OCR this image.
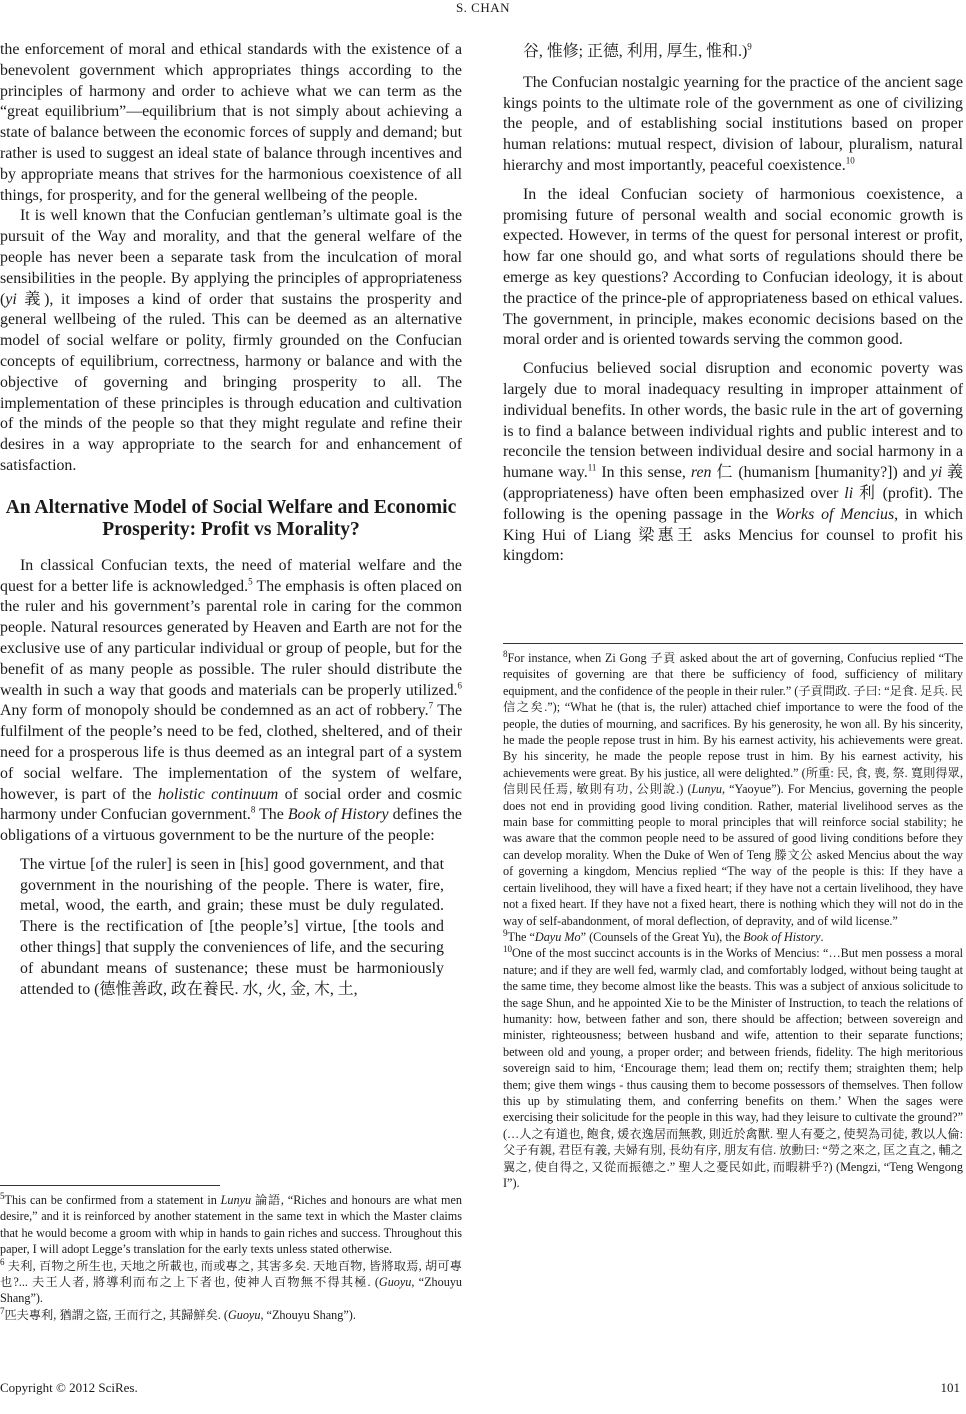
S. CHAN

the enforcement of moral and ethical standards with the existence of a benevolent government which appropriates things according to the principles of harmony and order to achieve what we can term as the “great equilibrium”—equilibrium that is not simply about achieving a state of balance between the economic forces of supply and demand; but rather is used to suggest an ideal state of balance through incentives and by appropriate means that strives for the harmonious coexistence of all things, for prosperity, and for the general wellbeing of the people.

It is well known that the Confucian gentleman’s ultimate goal is the pursuit of the Way and morality, and that the general welfare of the people has never been a separate task from the inculcation of moral sensibilities in the people. By applying the principles of appropriateness (yi 義), it imposes a kind of order that sustains the prosperity and general wellbeing of the ruled. This can be deemed as an alternative model of social welfare or polity, firmly grounded on the Confucian concepts of equilibrium, correctness, harmony or balance and with the objective of governing and bringing prosperity to all. The implementation of these principles is through education and cultivation of the minds of the people so that they might regulate and refine their desires in a way appropriate to the search for and enhancement of satisfaction.

An Alternative Model of Social Welfare and Economic Prosperity: Profit vs Morality?

In classical Confucian texts, the need of material welfare and the quest for a better life is acknowledged.$^5$ The emphasis is often placed on the ruler and his government’s parental role in caring for the common people. Natural resources generated by Heaven and Earth are not for the exclusive use of any particular individual or group of people, but for the benefit of as many people as possible. The ruler should distribute the wealth in such a way that goods and materials can be properly utilized.$^6$ Any form of monopoly should be condemned as an act of robbery.$^7$ The fulfilment of the people’s need to be fed, clothed, sheltered, and of their need for a prosperous life is thus deemed as an integral part of a system of social welfare. The implementation of the system of welfare, however, is part of the holistic continuum of social order and cosmic harmony under Confucian government.$^8$ The Book of History defines the obligations of a virtuous government to be the nurture of the people:

The virtue [of the ruler] is seen in [his] good government, and that government in the nourishing of the people. There is water, fire, metal, wood, the earth, and grain; these must be duly regulated. There is the rectification of [the people’s] virtue, [the tools and other things] that supply the conveniences of life, and the securing of abundant means of sustenance; these must be harmoniously attended to (德惟善政, 政在養民. 水, 火, 金, 木, 土,

$^5$This can be confirmed from a statement in Lunyu 論語, “Riches and honours are what men desire,” and it is reinforced by another statement in the same text in which the Master claims that he would become a groom with whip in hands to gain riches and success. Throughout this paper, I will adopt Legge’s translation for the early texts unless stated otherwise.

$^6$ 夫利, 百物之所生也, 天地之所載也, 而或專之, 其害多矣. 天地百物, 皆將取焉, 胡可專也?... 夫王人者, 將導利而布之上下者也, 使神人百物無不得其極. (Guoyu, “Zhouyu Shang”).

$^7$匹夫專利, 猶謂之盜, 王而行之, 其歸鮮矣. (Guoyu, “Zhouyu Shang”).

谷, 惟修; 正德, 利用, 厚生, 惟和.)$^9$

The Confucian nostalgic yearning for the practice of the ancient sage kings points to the ultimate role of the government as one of civilizing the people, and of establishing social institutions based on proper human relations: mutual respect, division of labour, pluralism, natural hierarchy and most importantly, peaceful coexistence.$^{10}$

In the ideal Confucian society of harmonious coexistence, a promising future of personal wealth and social economic growth is expected. However, in terms of the quest for personal interest or profit, how far one should go, and what sorts of regulations should there be emerge as key questions? According to Confucian ideology, it is about the practice of the prince-ple of appropriateness based on ethical values. The government, in principle, makes economic decisions based on the moral order and is oriented towards serving the common good.

Confucius believed social disruption and economic poverty was largely due to moral inadequacy resulting in improper attainment of individual benefits. In other words, the basic rule in the art of governing is to find a balance between individual rights and public interest and to reconcile the tension between individual desire and social harmony in a humane way.$^{11}$ In this sense, ren 仁 (humanism [humanity?]) and yi 義 (appropriateness) have often been emphasized over li 利 (profit). The following is the opening passage in the Works of Mencius, in which King Hui of Liang 梁惠王 asks Mencius for counsel to profit his kingdom:

$^8$For instance, when Zi Gong 子貢 asked about the art of governing, Confucius replied “The requisites of governing are that there be sufficiency of food, sufficiency of military equipment, and the confidence of the people in their ruler.” (子貢問政. 子曰: “足食. 足兵. 民信之矣.”); “What he (that is, the ruler) attached chief importance to were the food of the people, the duties of mourning, and sacrifices. By his generosity, he won all. By his sincerity, he made the people repose trust in him. By his earnest activity, his achievements were great. By his sincerity, he made the people repose trust in him. By his earnest activity, his achievements were great. By his justice, all were delighted.” (所重: 民, 食, 喪, 祭. 寬則得眾, 信則民任焉, 敏則有功, 公則說.) (Lunyu, “Yaoyue”). For Mencius, governing the people does not end in providing good living condition. Rather, material livelihood serves as the main base for committing people to moral principles that will reinforce social stability; he was aware that the common people need to be assured of good living conditions before they can develop morality. When the Duke of Wen of Teng 滕文公 asked Mencius about the way of governing a kingdom, Mencius replied “The way of the people is this: If they have a certain livelihood, they will have a fixed heart; if they have not a certain livelihood, they have not a fixed heart. If they have not a fixed heart, there is nothing which they will not do in the way of self-abandonment, of moral deflection, of depravity, and of wild license.”

$^9$The “Dayu Mo” (Counsels of the Great Yu), the Book of History.

$^{10}$One of the most succinct accounts is in the Works of Mencius: “…But men possess a moral nature; and if they are well fed, warmly clad, and comfortably lodged, without being taught at the same time, they become almost like the beasts. This was a subject of anxious solicitude to the sage Shun, and he appointed Xie to be the Minister of Instruction, to teach the relations of humanity: how, between father and son, there should be affection; between sovereign and minister, righteousness; between husband and wife, attention to their separate functions; between old and young, a proper order; and between friends, fidelity. The high meritorious sovereign said to him, ‘Encourage them; lead them on; rectify them; straighten them; help them; give them wings - thus causing them to become possessors of themselves. Then follow this up by stimulating them, and conferring benefits on them.’ When the sages were exercising their solicitude for the people in this way, had they leisure to cultivate the ground?” (…人之有道也, 飽食, 煖衣逸居而無教, 則近於禽獸. 聖人有憂之, 使契為司徒, 教以人倫: 父子有親, 君臣有義, 夫婦有別, 長幼有序, 朋友有信. 放勳曰: “勞之來之, 匡之直之, 輔之翼之, 使自得之, 又從而振德之.” 聖人之憂民如此, 而暇耕乎?) (Mengzi, “Teng Wengong I”).

Copyright © 2012 SciRes.	101
